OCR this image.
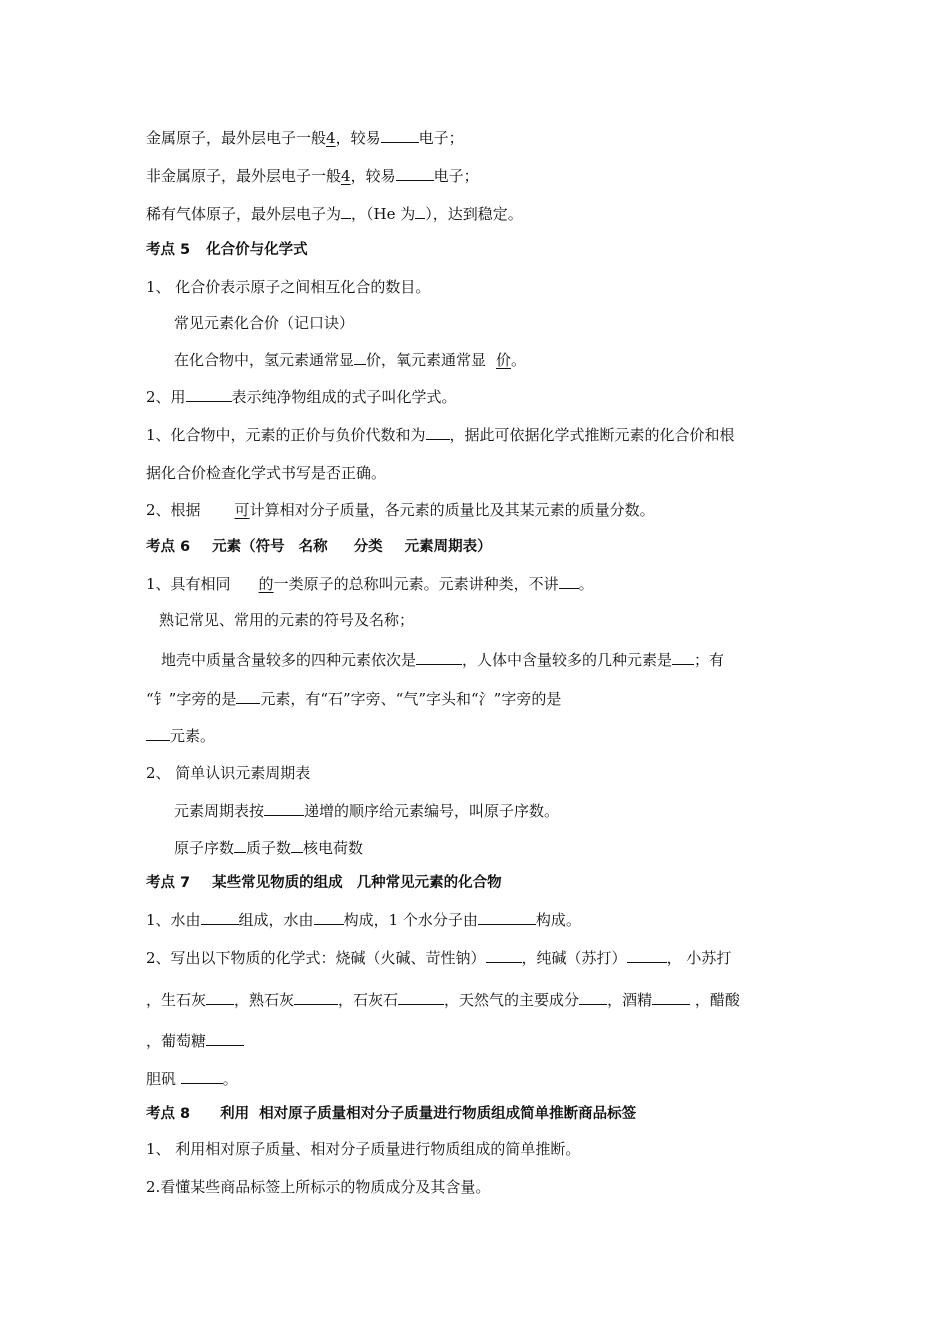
金属原子，最外层电子一般4，较易	电子；
非金属原子，最外层电子一般4，较易	电子；
稀有气体原子，最外层电子为 ，（He 为 ），达到稳定。
考点 5 化合价与化学式
1、 化合价表示原子之间相互化合的数目。
常见元素化合价（记口诀）
在化合物中，氢元素通常显 价，氧元素通常显 价。
2、用	表示纯净物组成的式子叫化学式。
1、化合物中，元素的正价与负价代数和为 ，据此可依据化学式推断元素的化合价和根
据化合价检查化学式书写是否正确。
2、根据 可计算相对分子质量，各元素的质量比及其某元素的质量分数。
考点 6 元素（符号 名称 分类 元素周期表）
1、具有相同 的一类原子的总称叫元素。元素讲种类，不讲 。
熟记常见、常用的元素的符号及名称；
地壳中质量含量较多的四种元素依次是	，人体中含量较多的几种元素是 ；有
“钅”字旁的是 元素，有“石”字旁、“气”字头和“氵”字旁的是
元素。
2、 简单认识元素周期表
元素周期表按	递增的顺序给元素编号，叫原子序数。
原子序数 质子数 核电荷数
考点 7 某些常见物质的组成 几种常见元素的化合物
1、水由	组成，水由 构成，1 个水分子由	构成。
2、写出以下物质的化学式：烧碱（火碱、苛性钠） ，纯碱（苏打）	， 小苏打
，生石灰 ，熟石灰	，石灰石	，天然气的主要成分 ，酒精	，醋酸
，葡萄糖
胆矾	。
考点 8 利用 相对原子质量相对分子质量进行物质组成简单推断商品标签
1、 利用相对原子质量、相对分子质量进行物质组成的简单推断。
2.看懂某些商品标签上所标示的物质成分及其含量。
